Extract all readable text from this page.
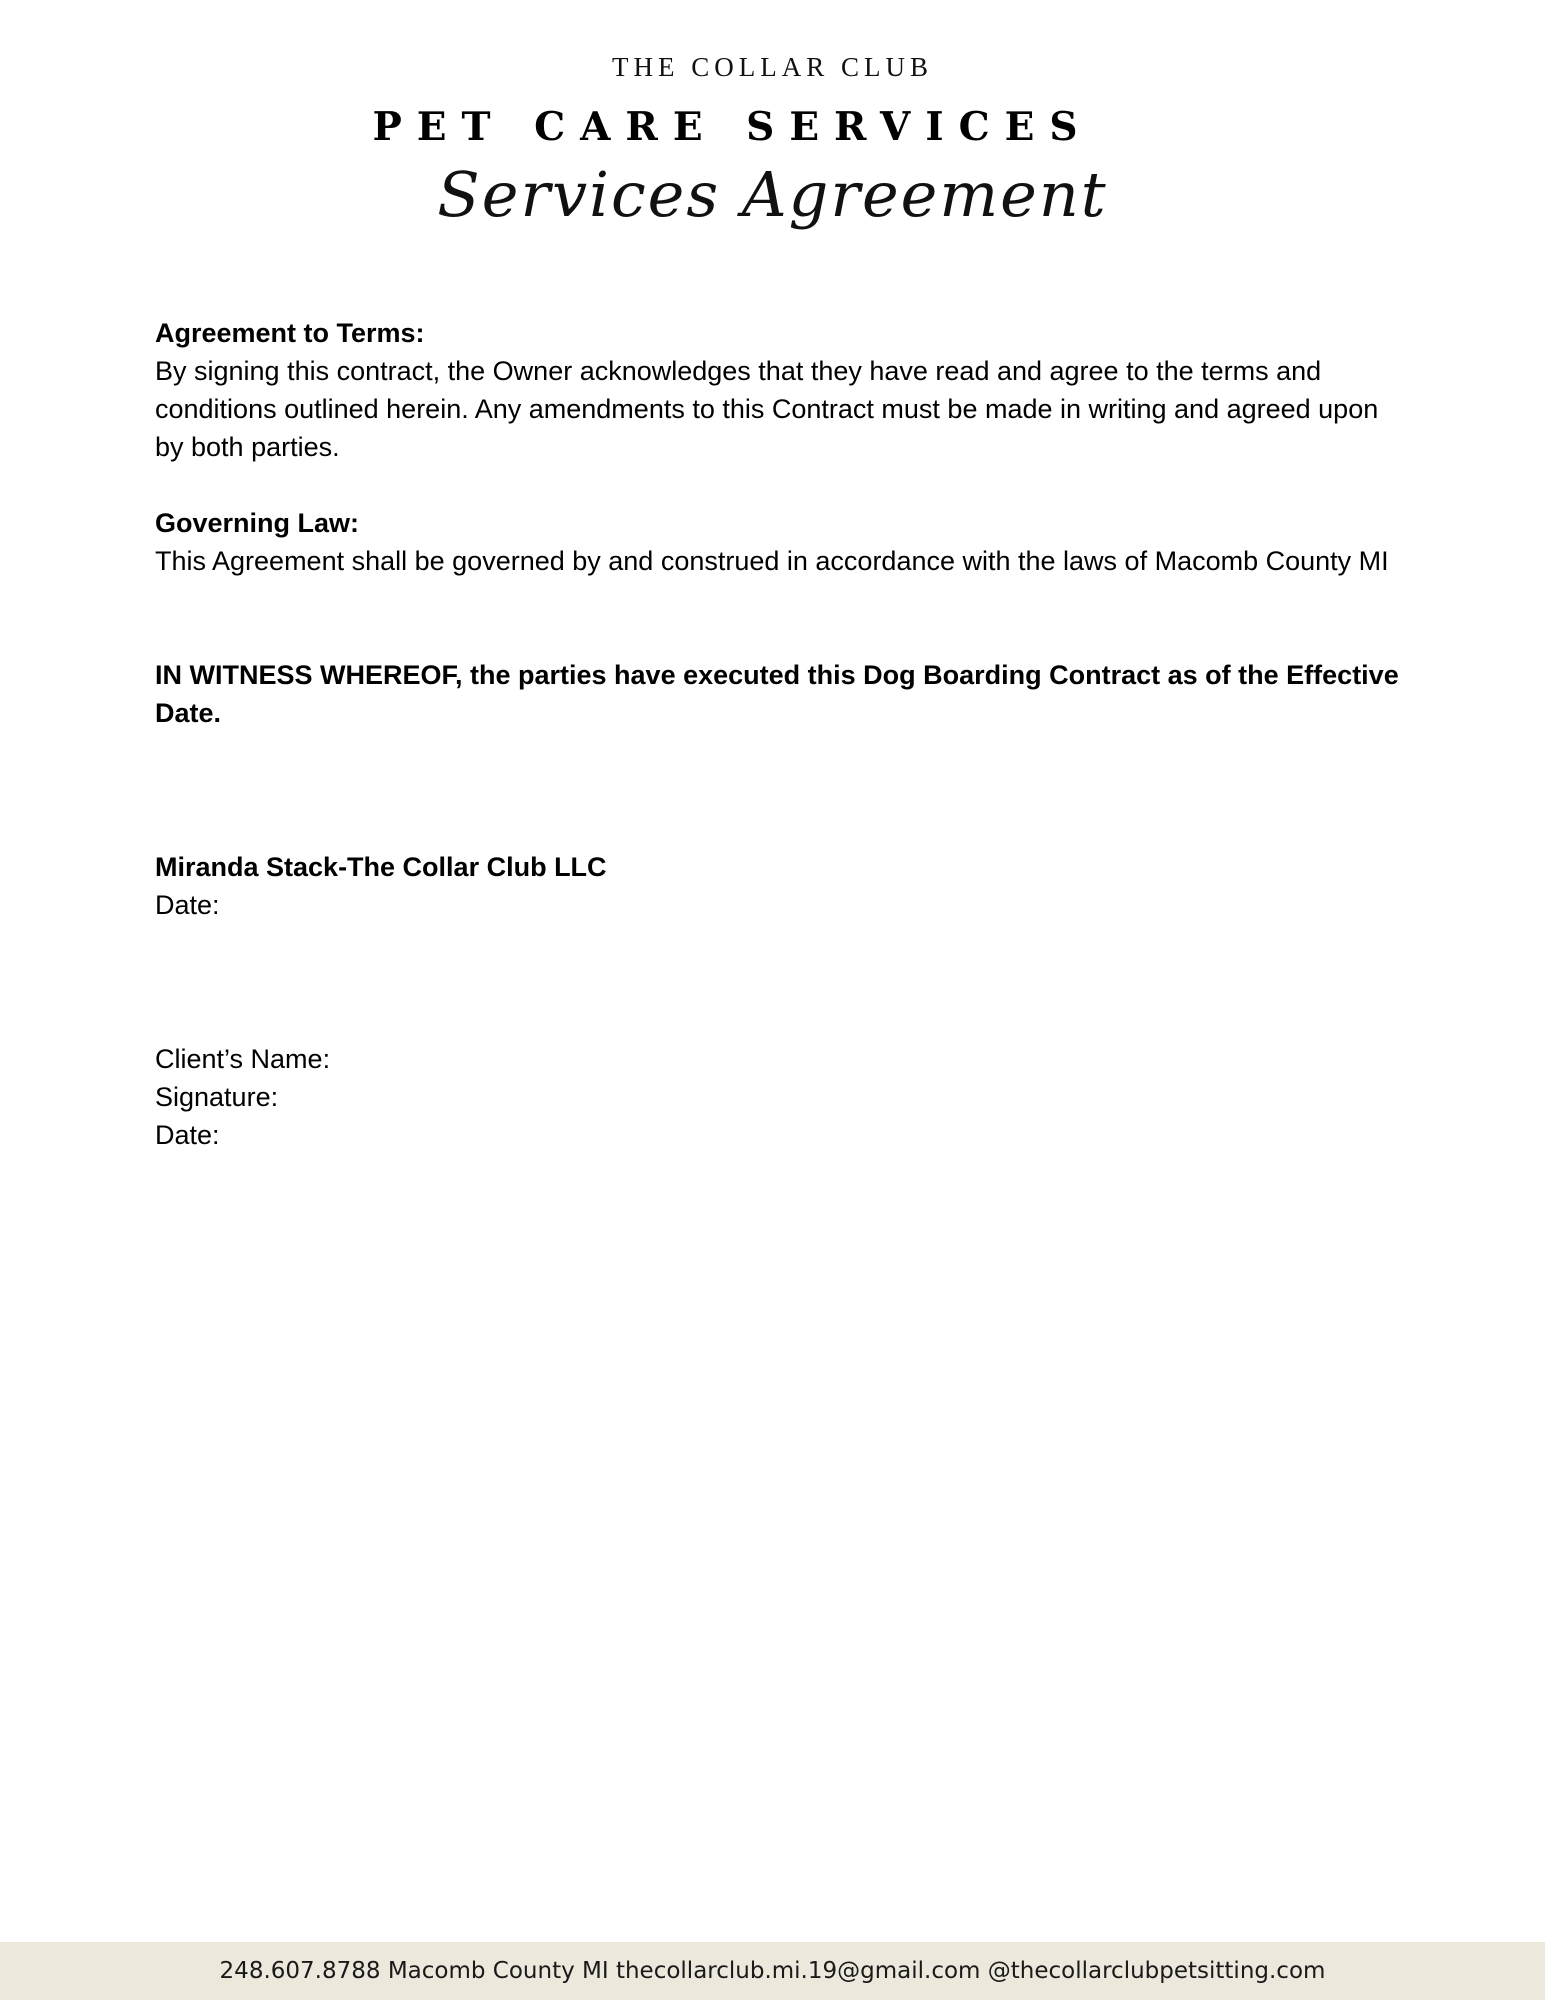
THE COLLAR CLUB
PET CARE SERVICES
Services Agreement

Agreement to Terms:

By signing this contract, the Owner acknowledges that they have read and agree to the terms and conditions outlined herein. Any amendments to this Contract must be made in writing and agreed upon by both parties.

Governing Law:

This Agreement shall be governed by and construed in accordance with the laws of Macomb County MI

IN WITNESS WHEREOF, the parties have executed this Dog Boarding Contract as of the Effective Date.

Miranda Stack-The Collar Club LLC

Date:

Client’s Name:

Signature:

Date:

248.607.8788 Macomb County MI thecollarclub.mi.19@gmail.com @thecollarclubpetsitting.com
